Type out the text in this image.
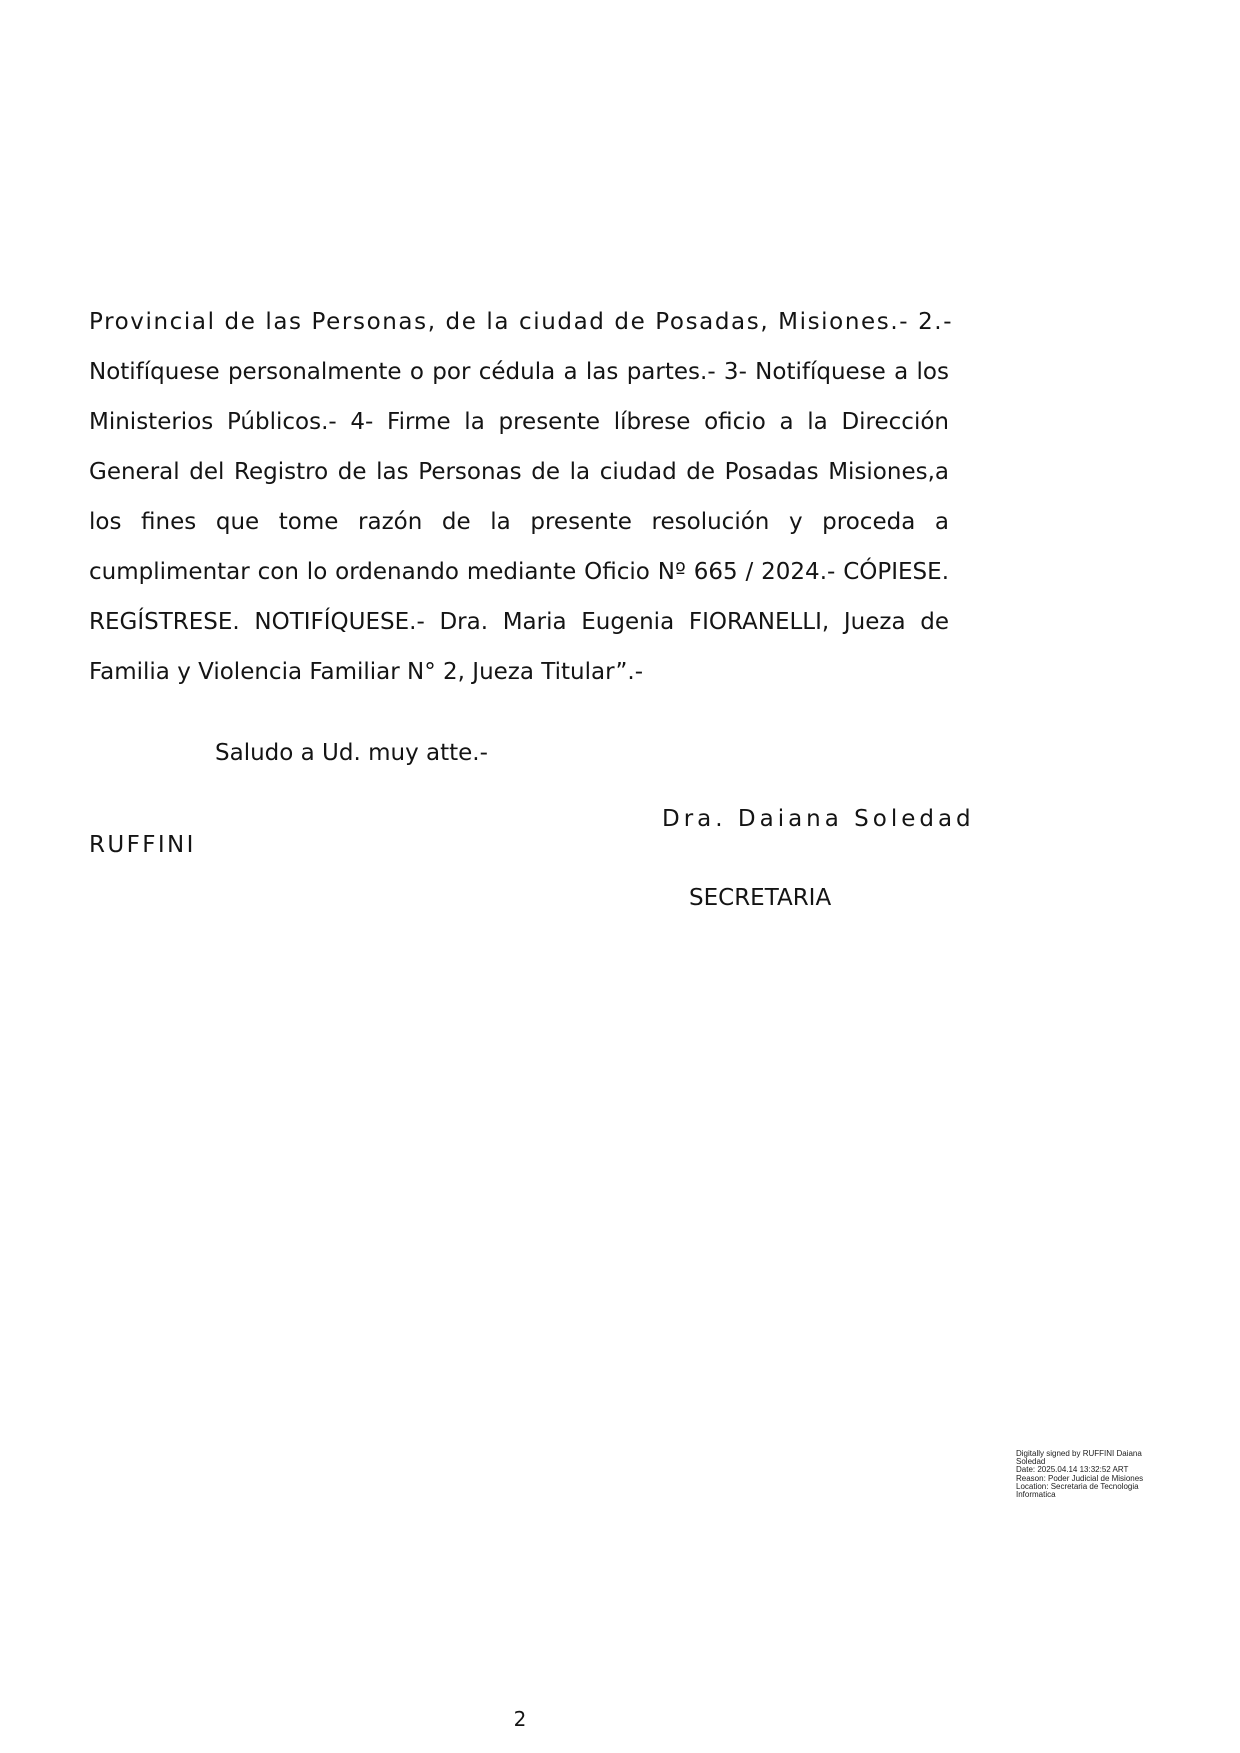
Provincial de las Personas, de la ciudad de Posadas, Misiones.- 2.-
Notifíquese personalmente o por cédula a las partes.- 3- Notifíquese a los
Ministerios Públicos.- 4- Firme la presente líbrese oficio a la Dirección
General del Registro de las Personas de la ciudad de Posadas Misiones,a
los fines que tome razón de la presente resolución y proceda a
cumplimentar con lo ordenando mediante Oficio Nº 665 / 2024.- CÓPIESE.
REGÍSTRESE. NOTIFÍQUESE.- Dra. Maria Eugenia FIORANELLI, Jueza de
Familia y Violencia Familiar N° 2, Jueza Titular”.-
Saludo a Ud. muy atte.-
Dra. Daiana Soledad
RUFFINI
SECRETARIA
Digitally signed by RUFFINI Daiana
Soledad
Date: 2025.04.14 13:32:52 ART
Reason: Poder Judicial de Misiones
Location: Secretaria de Tecnologia
Informatica
2
